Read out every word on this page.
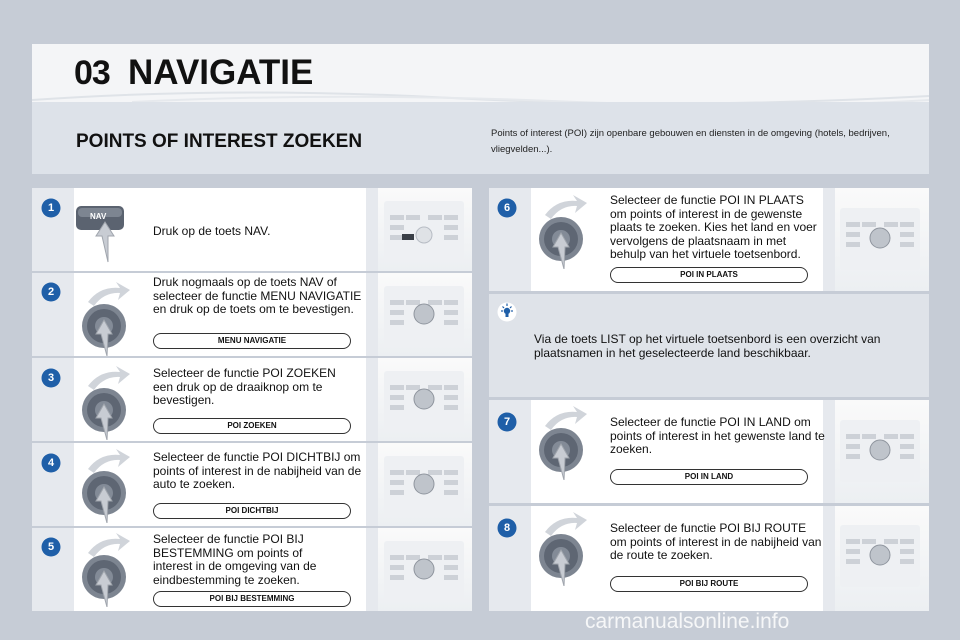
03 NAVIGATIE
POINTS OF INTEREST ZOEKEN	Points of interest (POI) zijn openbare gebouwen en diensten in de omgeving (hotels, bedrijven, vliegvelden...).
1
NAV
Druk op de toets NAV.
2
Druk nogmaals op de toets NAV of selecteer de functie MENU NAVIGATIE en druk op de toets om te bevestigen.
MENU NAVIGATIE
3	Selecteer de functie POI ZOEKEN een druk op de draaiknop om te bevestigen.
POI ZOEKEN
4	Selecteer de functie POI DICHTBIJ om points of interest in de nabijheid van de auto te zoeken.
POI DICHTBIJ
5
Selecteer de functie POI BIJ BESTEMMING om points of interest in de omgeving van de eindbestemming te zoeken.
POI BIJ BESTEMMING
6
Selecteer de functie POI IN PLAATS om points of interest in de gewenste plaats te zoeken. Kies het land en voer vervolgens de plaatsnaam in met behulp van het virtuele toetsenbord.
POI IN PLAATS
Via de toets LIST op het virtuele toetsenbord is een overzicht van plaatsnamen in het geselecteerde land beschikbaar.
7	Selecteer de functie POI IN LAND om points of interest in het gewenste land te zoeken.
POI IN LAND
8	Selecteer de functie POI BIJ ROUTE om points of interest in de nabijheid van de route te zoeken.
POI BIJ ROUTE
carmanualsonline.info
